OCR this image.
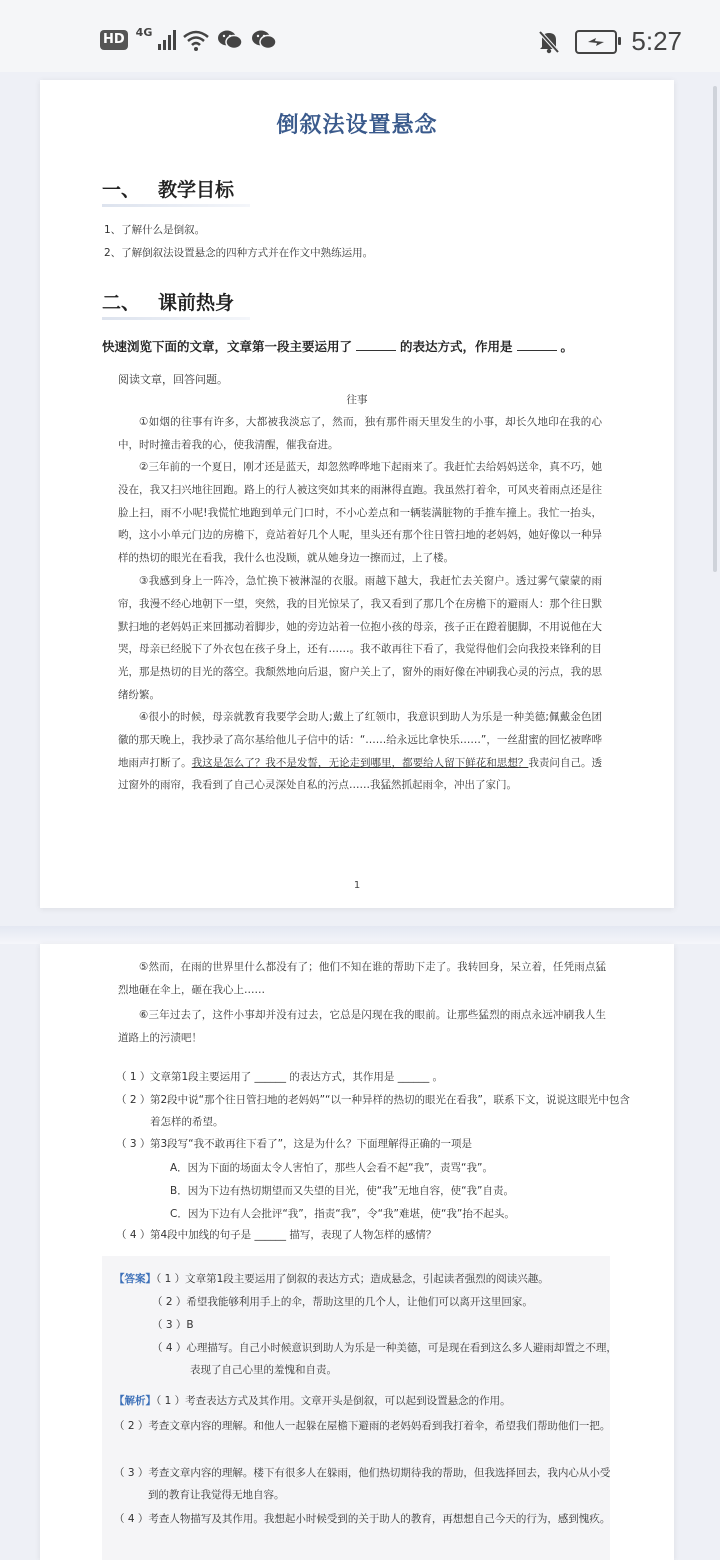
HD 4G	5:27
倒叙法设置悬念
一、 教学目标
1、了解什么是倒叙。
2、了解倒叙法设置悬念的四种方式并在作文中熟练运用。
二、 课前热身
快速浏览下面的文章，文章第一段主要运用了	的表达方式，作用是	。
阅读文章，回答问题。
往事

①如烟的往事有许多，大都被我淡忘了，然而，独有那件雨天里发生的小事，却长久地印在我的心中，时时撞击着我的心，使我清醒，催我奋进。

②三年前的一个夏日，刚才还是蓝天，却忽然哗哗地下起雨来了。我赶忙去给妈妈送伞，真不巧，她没在，我又扫兴地往回跑。路上的行人被这突如其来的雨淋得直跑。我虽然打着伞，可风夹着雨点还是往脸上扫，雨不小呢!我慌忙地跑到单元门口时，不小心差点和一辆装满脏物的手推车撞上。我忙一抬头，哟，这小小单元门边的房檐下，竟站着好几个人呢，里头还有那个往日管扫地的老妈妈，她好像以一种异样的热切的眼光在看我，我什么也没顾，就从她身边一擦而过，上了楼。

③我感到身上一阵冷，急忙换下被淋湿的衣服。雨越下越大，我赶忙去关窗户。透过雾气蒙蒙的雨帘，我漫不经心地朝下一望，突然，我的目光惊呆了，我又看到了那几个在房檐下的避雨人：那个往日默默扫地的老妈妈正来回挪动着脚步，她的旁边站着一位抱小孩的母亲，孩子正在蹬着腿脚，不用说他在大哭，母亲已经脱下了外衣包在孩子身上，还有……。我不敢再往下看了，我觉得他们会向我投来锋利的目光，那是热切的目光的落空。我颓然地向后退，窗户关上了，窗外的雨好像在冲刷我心灵的污点，我的思绪纷繁。

④很小的时候，母亲就教育我要学会助人;戴上了红领巾，我意识到助人为乐是一种美德;佩戴金色团徽的那天晚上，我抄录了高尔基给他儿子信中的话：“……给永远比拿快乐……”，一丝甜蜜的回忆被哗哗地雨声打断了。我这是怎么了？我不是发誓，无论走到哪里，都要给人留下鲜花和思想？我责问自己。透过窗外的雨帘，我看到了自己心灵深处自私的污点……我猛然抓起雨伞，冲出了家门。

1

⑤然而，在雨的世界里什么都没有了；他们不知在谁的帮助下走了。我转回身，呆立着，任凭雨点猛烈地砸在伞上，砸在我心上……

⑥三年过去了，这件小事却并没有过去，它总是闪现在我的眼前。让那些猛烈的雨点永远冲刷我人生道路上的污渍吧！

（ 1 ）文章第1段主要运用了 ______ 的表达方式，其作用是 ______ 。

（ 2 ）第2段中说“那个往日管扫地的老妈妈”“以一种异样的热切的眼光在看我”，联系下文，说说这眼光中包含着怎样的希望。

（ 3 ）第3段写“我不敢再往下看了”，这是为什么？下面理解得正确的一项是

A．因为下面的场面太令人害怕了，那些人会看不起“我”，责骂“我”。
B．因为下边有热切期望而又失望的目光，使“我”无地自容，使“我”自责。
C．因为下边有人会批评“我”，指责“我”，令“我”难堪，使“我”抬不起头。

（ 4 ）第4段中加线的句子是 ______ 描写，表现了人物怎样的感情？

【答案】（ 1 ）文章第1段主要运用了倒叙的表达方式；造成悬念，引起读者强烈的阅读兴趣。

（ 2 ）希望我能够利用手上的伞，帮助这里的几个人，让他们可以离开这里回家。

（ 3 ）B

（ 4 ）心理描写。自己小时候意识到助人为乐是一种美德，可是现在看到这么多人避雨却置之不理，表现了自己心里的羞愧和自责。

【解析】（ 1 ）考查表达方式及其作用。文章开头是倒叙，可以起到设置悬念的作用。

（ 2 ）考查文章内容的理解。和他人一起躲在屋檐下避雨的老妈妈看到我打着伞，希望我们帮助他们一把。

（ 3 ）考查文章内容的理解。楼下有很多人在躲雨，他们热切期待我的帮助，但我选择回去，我内心从小受到的教育让我觉得无地自容。

（ 4 ）考查人物描写及其作用。我想起小时候受到的关于助人的教育，再想想自己今天的行为，感到愧疚。
